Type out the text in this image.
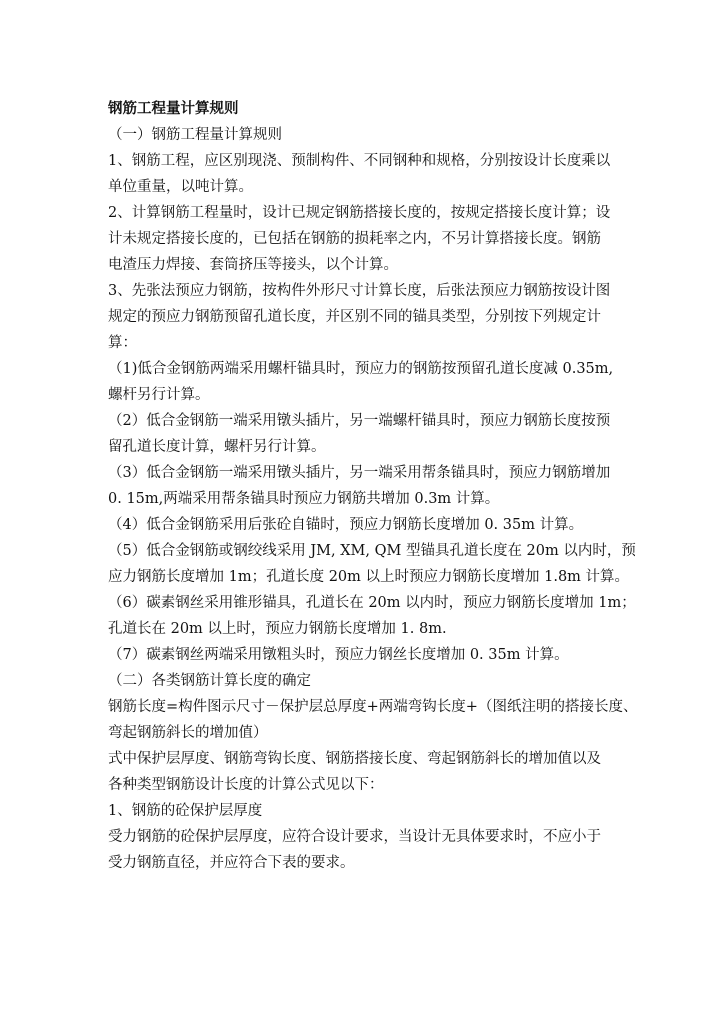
钢筋工程量计算规则
（一）钢筋工程量计算规则
1、钢筋工程，应区别现浇、预制构件、不同钢种和规格，分别按设计长度乘以
单位重量，以吨计算。
2、计算钢筋工程量时，设计已规定钢筋搭接长度的，按规定搭接长度计算；设
计未规定搭接长度的，已包括在钢筋的损耗率之内，不另计算搭接长度。钢筋
电渣压力焊接、套筒挤压等接头，以个计算。
3、先张法预应力钢筋，按构件外形尺寸计算长度，后张法预应力钢筋按设计图
规定的预应力钢筋预留孔道长度，并区别不同的锚具类型，分别按下列规定计
算：
（1)低合金钢筋两端采用螺杆锚具时，预应力的钢筋按预留孔道长度减 0.35m,
螺杆另行计算。
（2）低合金钢筋一端采用镦头插片，另一端螺杆锚具时，预应力钢筋长度按预
留孔道长度计算，螺杆另行计算。
（3）低合金钢筋一端采用镦头插片，另一端采用帮条锚具时，预应力钢筋增加
0. 15m,两端采用帮条锚具时预应力钢筋共增加 0.3m 计算。
（4）低合金钢筋采用后张砼自锚时，预应力钢筋长度增加 0. 35m 计算。
（5）低合金钢筋或钢绞线采用 JM, XM, QM 型锚具孔道长度在 20m 以内时，预
应力钢筋长度增加 1m；孔道长度 20m 以上时预应力钢筋长度增加 1.8m 计算。
（6）碳素钢丝采用锥形锚具，孔道长在 20m 以内时，预应力钢筋长度增加 1m；
孔道长在 20m 以上时，预应力钢筋长度增加 1. 8m.
（7）碳素钢丝两端采用镦粗头时，预应力钢丝长度增加 0. 35m 计算。
（二）各类钢筋计算长度的确定
钢筋长度=构件图示尺寸－保护层总厚度+两端弯钩长度+（图纸注明的搭接长度、
弯起钢筋斜长的增加值）
式中保护层厚度、钢筋弯钩长度、钢筋搭接长度、弯起钢筋斜长的增加值以及
各种类型钢筋设计长度的计算公式见以下：
1、钢筋的砼保护层厚度
受力钢筋的砼保护层厚度，应符合设计要求，当设计无具体要求时，不应小于
受力钢筋直径，并应符合下表的要求。
